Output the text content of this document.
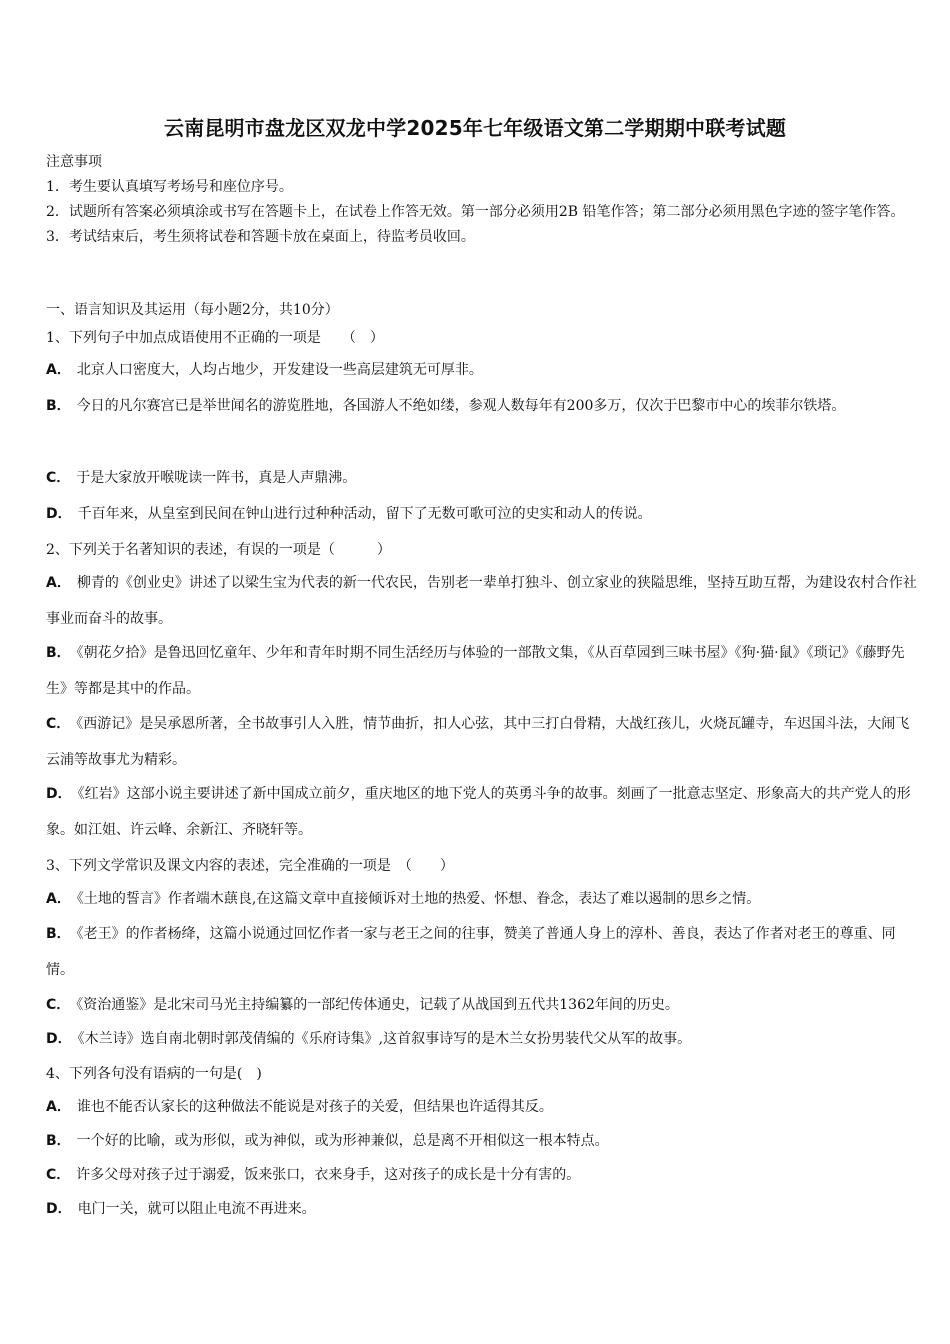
云南昆明市盘龙区双龙中学2025年七年级语文第二学期期中联考试题

注意事项

1．考生要认真填写考场号和座位序号。

2．试题所有答案必须填涂或书写在答题卡上，在试卷上作答无效。第一部分必须用2B 铅笔作答；第二部分必须用黑色字迹的签字笔作答。

3．考试结束后，考生须将试卷和答题卡放在桌面上，待监考员收回。

一、语言知识及其运用（每小题2分，共10分）
1、下列句子中加点成语使用不正确的一项是　　（　）
A． 北京人口密度大，人均占地少，开发建设一些高层建筑无可厚非。
B． 今日的凡尔赛宫已是举世闻名的游览胜地，各国游人不绝如缕，参观人数每年有200多万，仅次于巴黎市中心的埃菲尔铁塔。
C． 于是大家放开喉咙读一阵书，真是人声鼎沸。
D． 千百年来，从皇室到民间在钟山进行过种种活动，留下了无数可歌可泣的史实和动人的传说。
2、下列关于名著知识的表述，有误的一项是（　　　）
A． 柳青的《创业史》讲述了以梁生宝为代表的新一代农民，告别老一辈单打独斗、创立家业的狭隘思维，坚持互助互帮，为建设农村合作社事业而奋斗的故事。
B． 《朝花夕拾》是鲁迅回忆童年、少年和青年时期不同生活经历与体验的一部散文集，《从百草园到三味书屋》《狗·猫·鼠》《琐记》《藤野先生》等都是其中的作品。
C． 《西游记》是吴承恩所著，全书故事引人入胜，情节曲折，扣人心弦，其中三打白骨精，大战红孩儿，火烧瓦罐寺，车迟国斗法，大闹飞云浦等故事尤为精彩。
D． 《红岩》这部小说主要讲述了新中国成立前夕，重庆地区的地下党人的英勇斗争的故事。刻画了一批意志坚定、形象高大的共产党人的形象。如江姐、许云峰、余新江、齐晓轩等。
3、下列文学常识及课文内容的表述，完全准确的一项是　（　　）
A． 《土地的誓言》作者端木蕻良,在这篇文章中直接倾诉对土地的热爱、怀想、眷念，表达了难以遏制的思乡之情。
B． 《老王》的作者杨绛，这篇小说通过回忆作者一家与老王之间的往事，赞美了普通人身上的淳朴、善良，表达了作者对老王的尊重、同情。
C． 《资治通鉴》是北宋司马光主持编纂的一部纪传体通史，记载了从战国到五代共1362年间的历史。
D． 《木兰诗》选自南北朝时郭茂倩编的《乐府诗集》,这首叙事诗写的是木兰女扮男装代父从军的故事。
4、下列各句没有语病的一句是(　)
A． 谁也不能否认家长的这种做法不能说是对孩子的关爱，但结果也许适得其反。
B． 一个好的比喻，或为形似，或为神似，或为形神兼似，总是离不开相似这一根本特点。
C． 许多父母对孩子过于溺爱，饭来张口，衣来身手，这对孩子的成长是十分有害的。
D． 电门一关，就可以阻止电流不再进来。
